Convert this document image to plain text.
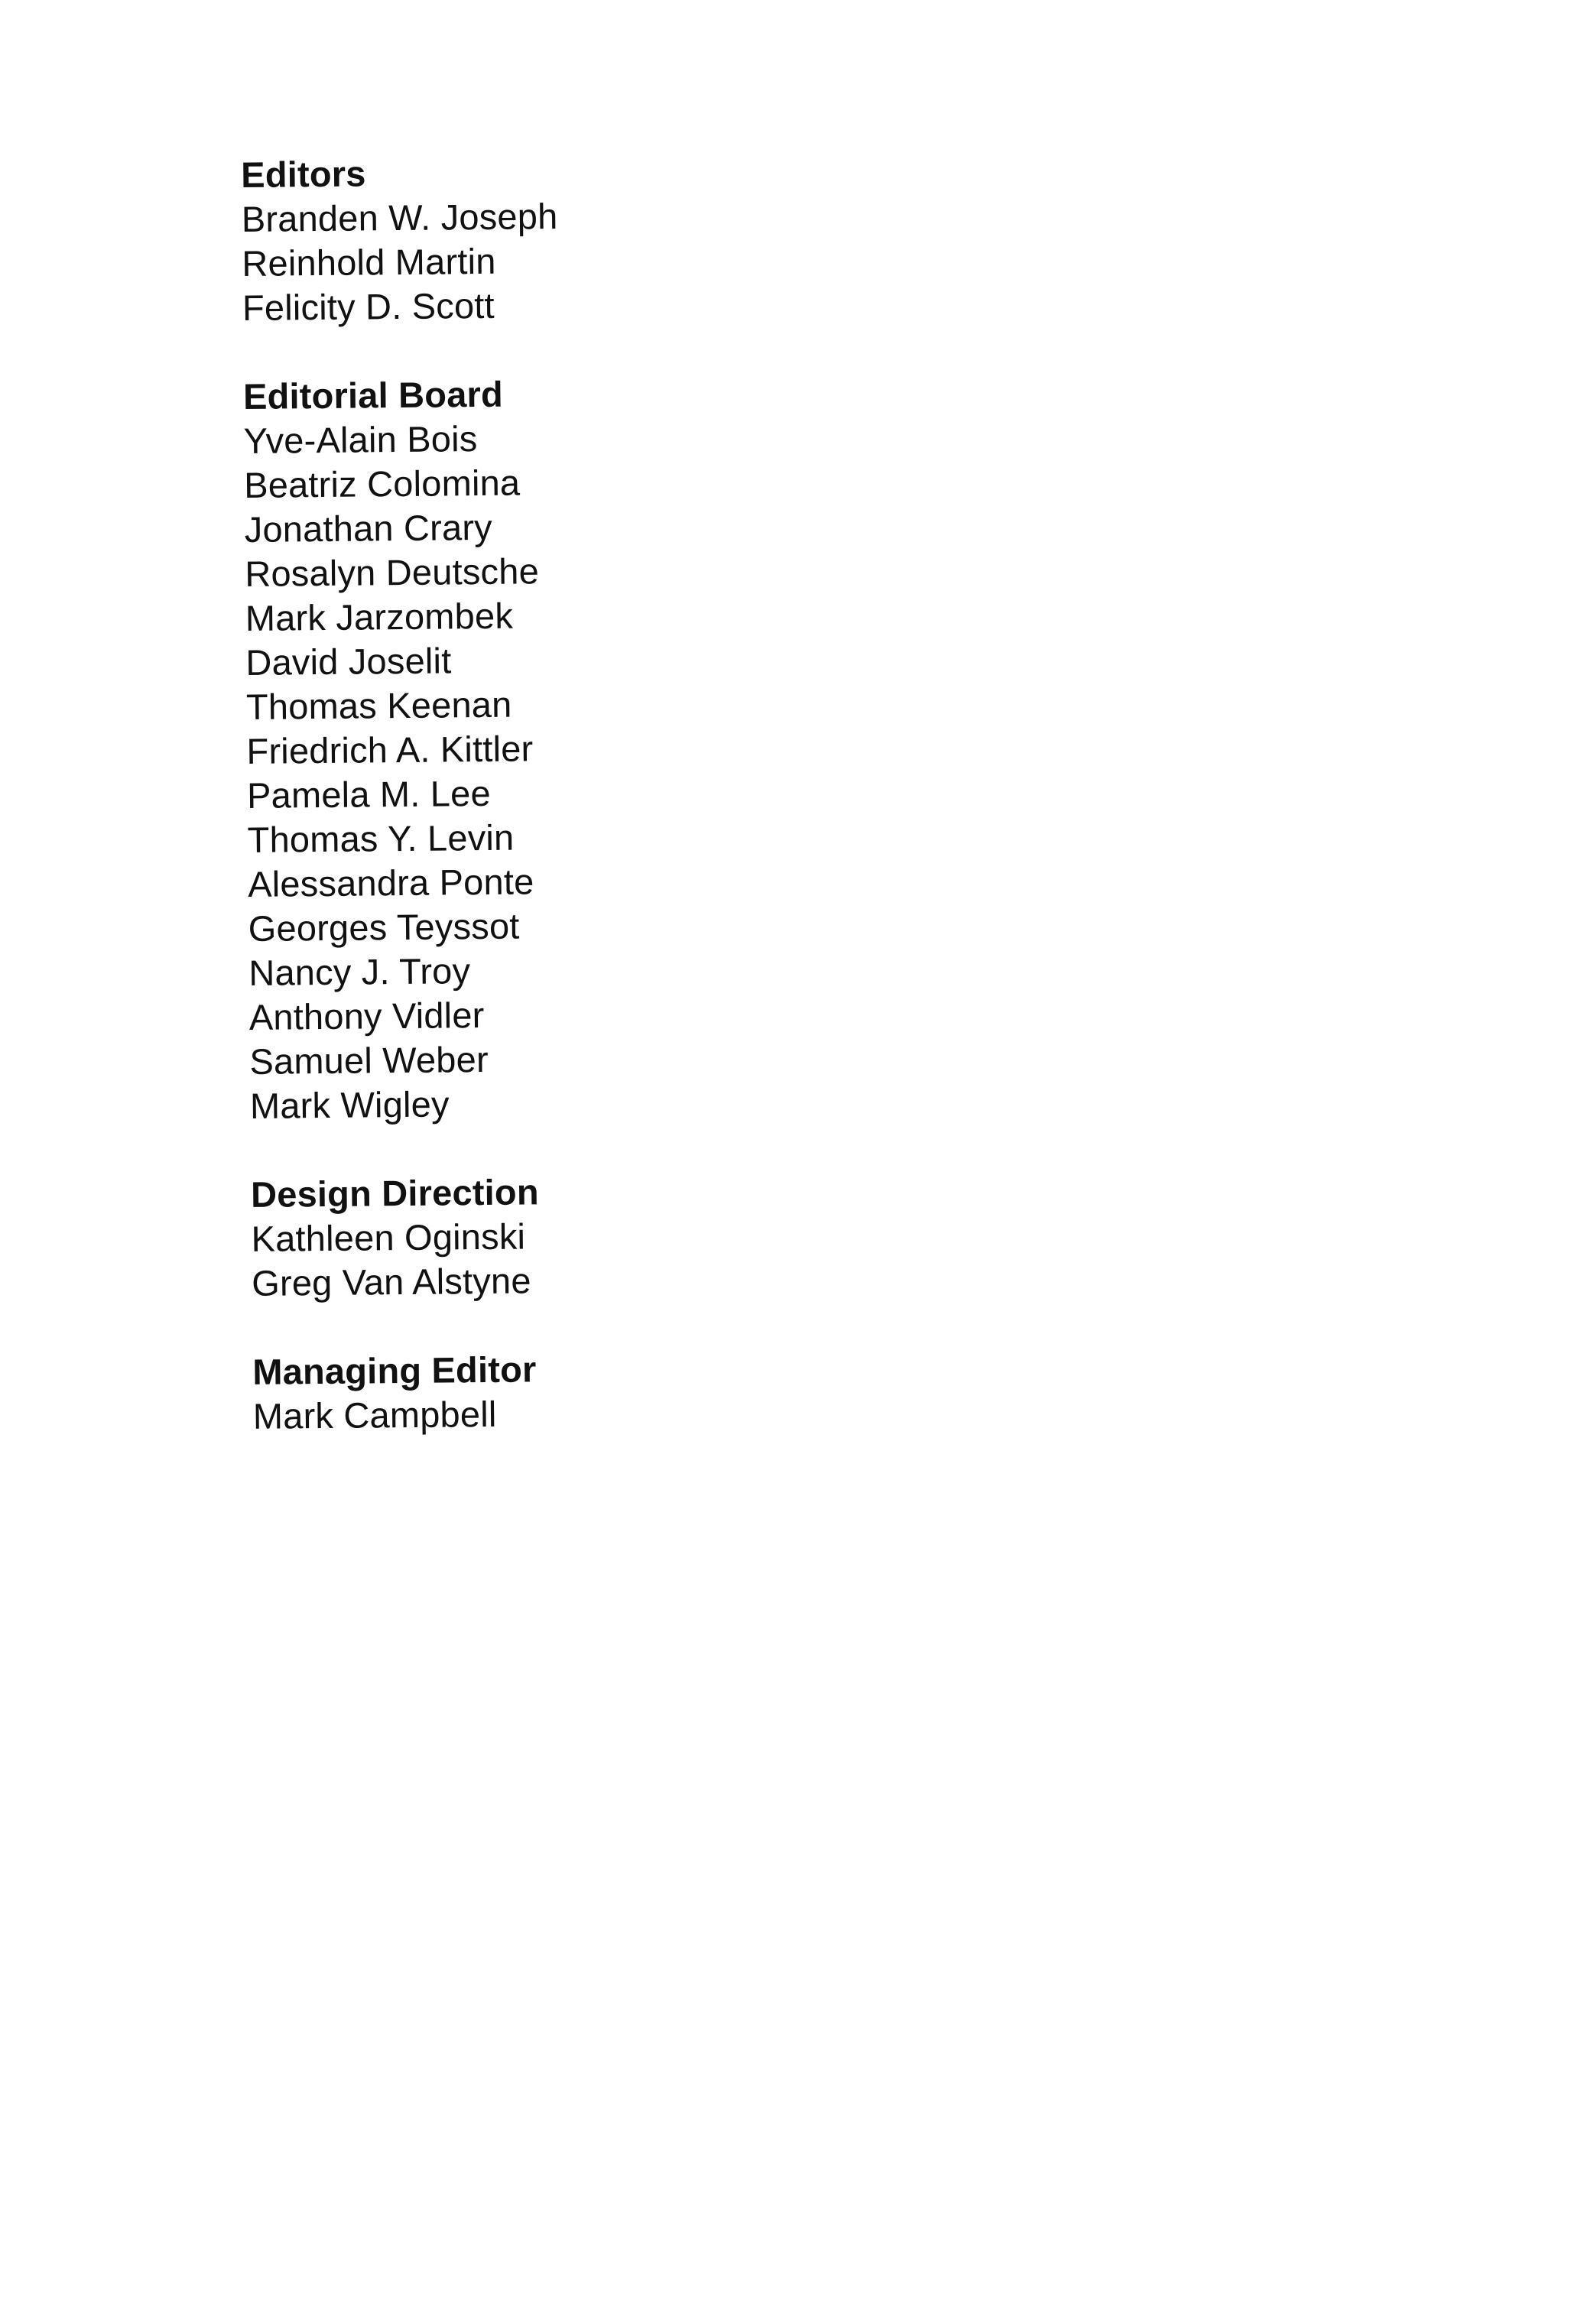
Editors
Branden W. Joseph
Reinhold Martin
Felicity D. Scott
Editorial Board
Yve-Alain Bois
Beatriz Colomina
Jonathan Crary
Rosalyn Deutsche
Mark Jarzombek
David Joselit
Thomas Keenan
Friedrich A. Kittler
Pamela M. Lee
Thomas Y. Levin
Alessandra Ponte
Georges Teyssot
Nancy J. Troy
Anthony Vidler
Samuel Weber
Mark Wigley
Design Direction
Kathleen Oginski
Greg Van Alstyne
Managing Editor
Mark Campbell
